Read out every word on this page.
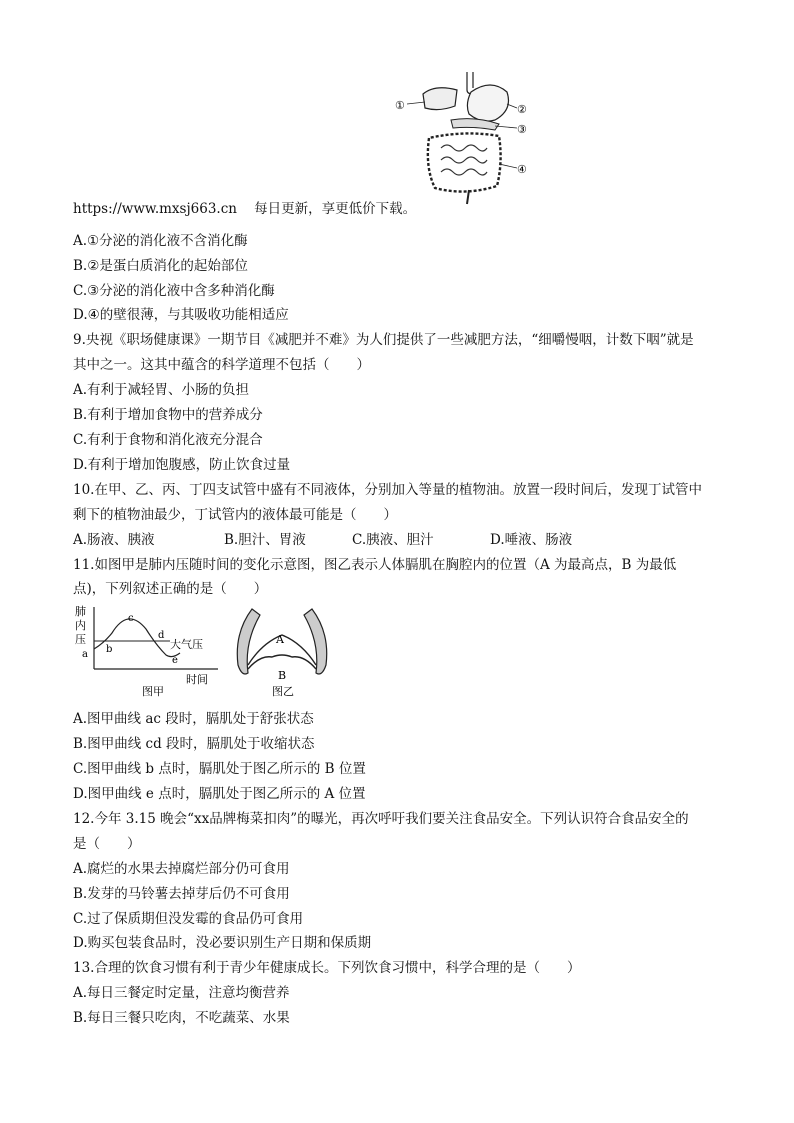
①	②
③
④
https://www.mxsj663.cn 每日更新，享更低价下载。
A.①分泌的消化液不含消化酶
B.②是蛋白质消化的起始部位
C.③分泌的消化液中含多种消化酶
D.④的壁很薄，与其吸收功能相适应
9.央视《职场健康课》一期节目《减肥并不难》为人们提供了一些减肥方法，“细嚼慢咽，计数下咽”就是
其中之一。这其中蕴含的科学道理不包括（　　）
A.有利于减轻胃、小肠的负担
B.有利于增加食物中的营养成分
C.有利于食物和消化液充分混合
D.有利于增加饱腹感，防止饮食过量
10.在甲、乙、丙、丁四支试管中盛有不同液体，分别加入等量的植物油。放置一段时间后，发现丁试管中
剩下的植物油最少，丁试管内的液体最可能是（　　）
A.肠液、胰液	B.胆汁、胃液	C.胰液、胆汁	D.唾液、肠液
11.如图甲是肺内压随时间的变化示意图，图乙表示人体膈肌在胸腔内的位置（A 为最高点，B 为最低
点)，下列叙述正确的是（　　）
肺
内
压
a b
c
d
大气压
e
时间
图甲
A
B
图乙
A.图甲曲线 ac 段时，膈肌处于舒张状态
B.图甲曲线 cd 段时，膈肌处于收缩状态
C.图甲曲线 b 点时，膈肌处于图乙所示的 B 位置
D.图甲曲线 e 点时，膈肌处于图乙所示的 A 位置
12.今年 3.15 晚会“xx品牌梅菜扣肉”的曝光，再次呼吁我们要关注食品安全。下列认识符合食品安全的
是（　　）
A.腐烂的水果去掉腐烂部分仍可食用
B.发芽的马铃薯去掉芽后仍不可食用
C.过了保质期但没发霉的食品仍可食用
D.购买包装食品时，没必要识别生产日期和保质期
13.合理的饮食习惯有利于青少年健康成长。下列饮食习惯中，科学合理的是（　　）
A.每日三餐定时定量，注意均衡营养
B.每日三餐只吃肉，不吃蔬菜、水果
